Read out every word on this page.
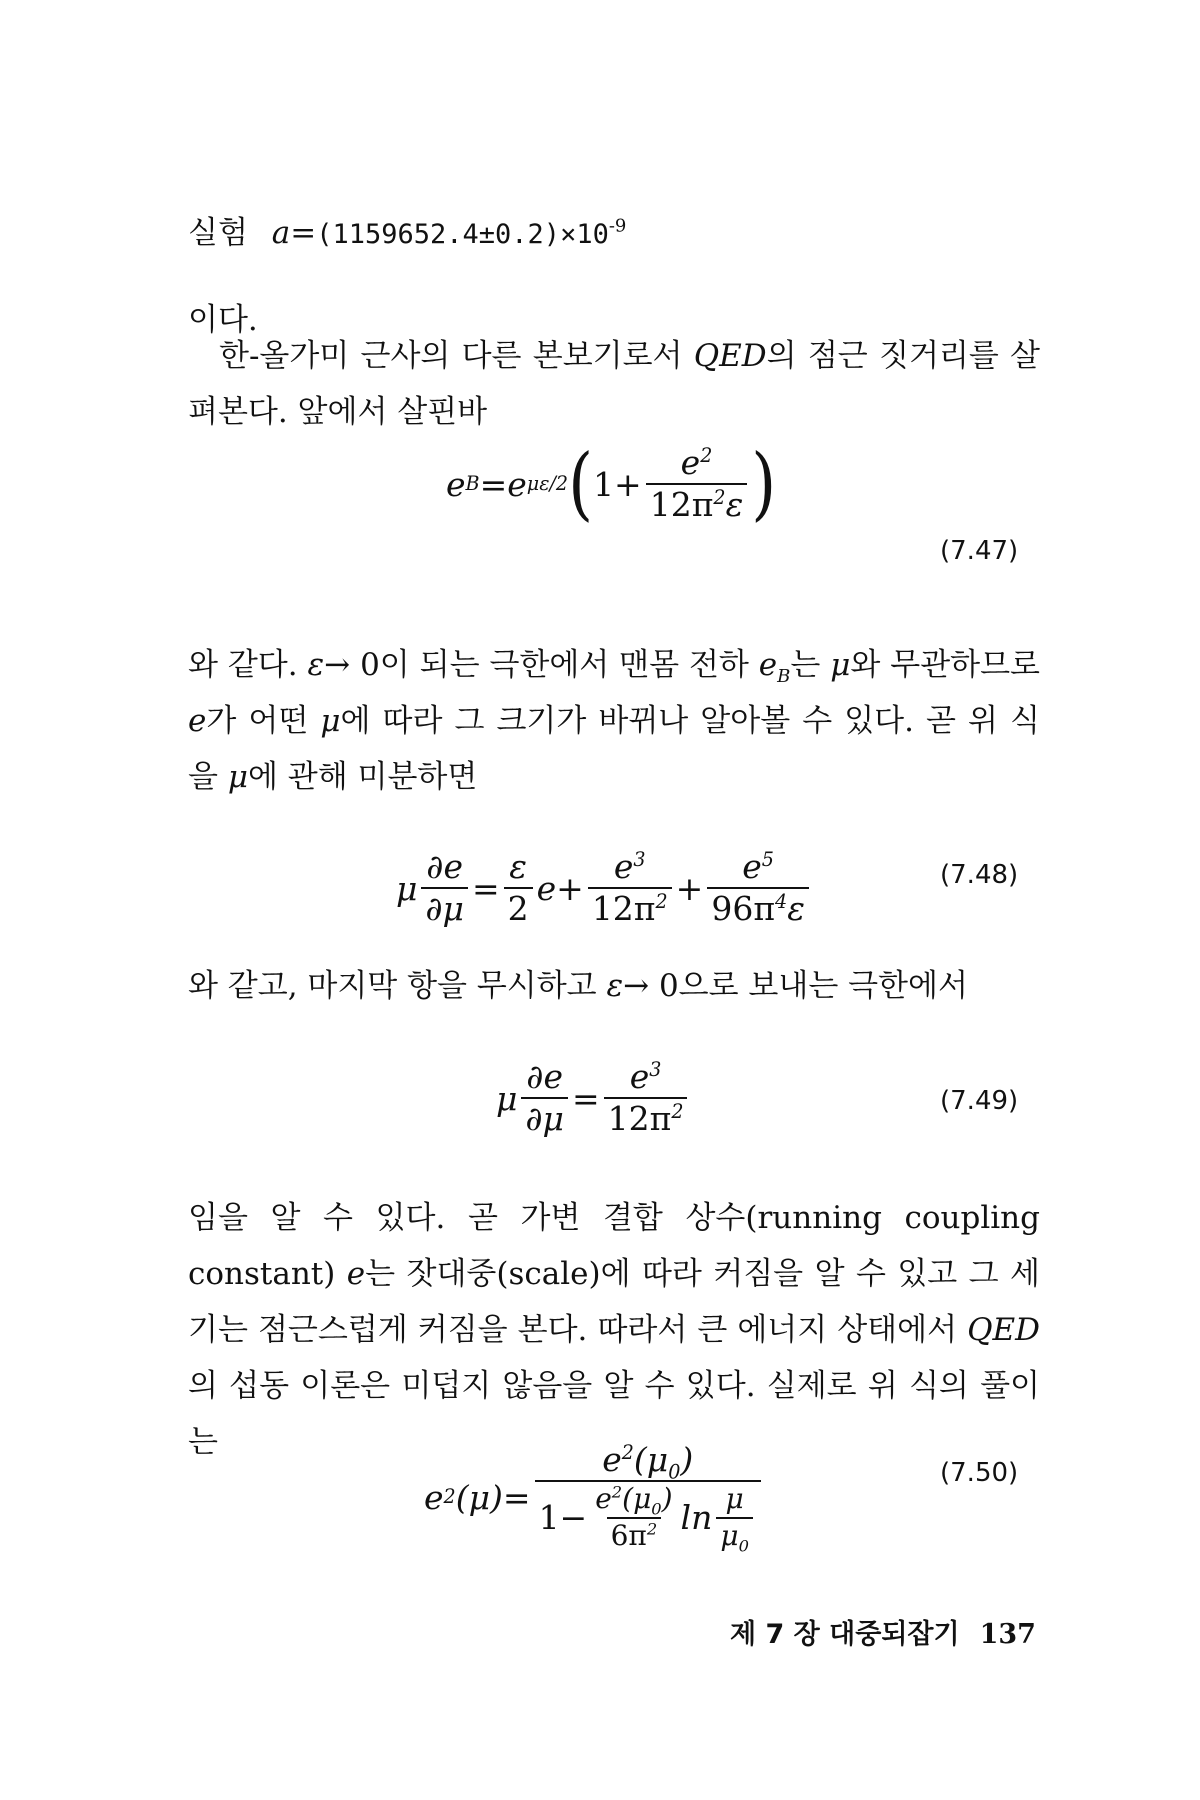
실험 $a=(1159652.4\pm 0.2)\times 10^{-9}$
이다.
한-올가미 근사의 다른 본보기로서 QED의 점근 짓거리를 살펴본다. 앞에서 살핀바
e B = e μ ε/2 ( $1+ \frac{e^2}{12\pi^2\varepsilon}$ )
(7.47)
와 같다. ε→ 0이 되는 극한에서 맨몸 전하 $e_B$는 μ와 무관하므로 e가 어떤 μ에 따라 그 크기가 바뀌나 알아볼 수 있다. 곧 위 식을 μ에 관해 미분하면
μ $\frac{\partial e}{\partial\mu} = \frac{\varepsilon}{2} e+ \frac{e^3}{12\pi^2} + \frac{e^5}{96\pi^4\varepsilon}$	(7.48)
와 같고, 마지막 항을 무시하고 ε→ 0으로 보내는 극한에서
μ $\frac{\partial e}{\partial\mu} = \frac{e^3}{12\pi^2}$	(7.49)
임을 알 수 있다. 곧 가변 결합 상수(running coupling constant) e는 잣대중(scale)에 따라 커짐을 알 수 있고 그 세기는 점근스럽게 커짐을 본다. 따라서 큰 에너지 상태에서 QED의 섭동 이론은 미덥지 않음을 알 수 있다. 실제로 위 식의 풀이는
e 2 (μ) =
$e^2(\mu_0)$
$1- \frac{e^2(\mu_0)}{6\pi^2}$ $\ln \frac{\mu}{\mu_0}$
(7.50)
제 7 장 대중되잡기 137
